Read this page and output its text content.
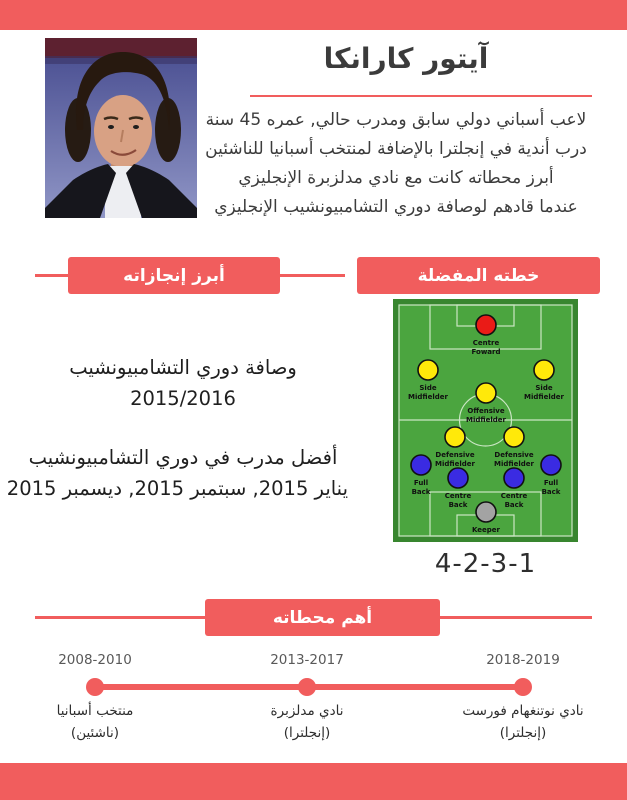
آيتور كارانكا
لاعب أسباني دولي سابق ومدرب حالي, عمره 45 سنة
درب أندية في إنجلترا بالإضافة لمنتخب أسبانيا للناشئين
أبرز محطاته كانت مع نادي مدلزبرة الإنجليزي
عندما قادهم لوصافة دوري التشامبيونشيب الإنجليزي
أبرز إنجازاته	خطته المفضلة
وصافة دوري التشامبيونشيب
2015/2016
أفضل مدرب في دوري التشامبيونشيب
يناير 2015, سبتمبر 2015, ديسمبر 2015
Centre
Foward
Side
Midfielder
Offensive
Midfielder
Side
Midfielder
Defensive
Midfielder
Defensive
Midfielder
Full
Back Centre
Back
Centre
Back
Full
Back
Keeper
4-2-3-1
أهم محطاته
2008-2010
منتخب أسبانيا
(ناشئين)
2013-2017
نادي مدلزبرة
(إنجلترا)
2018-2019
نادي نوتنغهام فورست
(إنجلترا)
